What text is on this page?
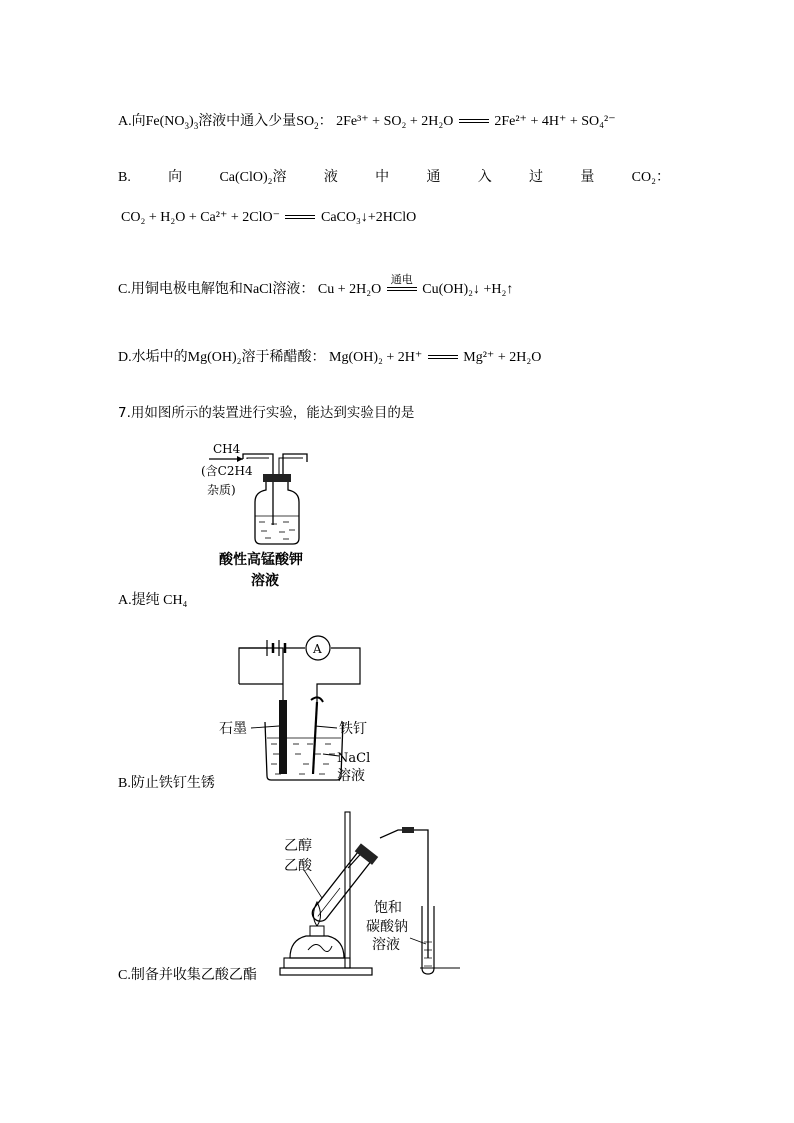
A.向$Fe(NO_3)_3$溶液中通入少量$SO_2$： 2Fe³⁺ + SO₂ + 2H₂O	2Fe²⁺ + 4H⁺ + SO₄²⁻
B.	向	Ca(ClO)₂溶	液	中	通	入	过	量	CO₂：
CO₂ + H₂O + Ca²⁺ + 2ClO⁻	CaCO₃↓+2HClO
C.用铜电极电解饱和NaCl溶液： Cu + 2H₂O
通电
Cu(OH)₂↓ +H₂↑
D.水垢中的Mg(OH)₂溶于稀醋酸： Mg(OH)₂ + 2H⁺	Mg²⁺ + 2H₂O
7.用如图所示的装置进行实验，能达到实验目的是
CH4
(含C2H4
杂质)
酸性高锰酸钾
溶液
A.提纯 CH₄
A
石墨	铁钉
NaCl
溶液
B.防止铁钉生锈
乙醇
乙酸
饱和
碳酸钠
溶液
C.制备并收集乙酸乙酯
